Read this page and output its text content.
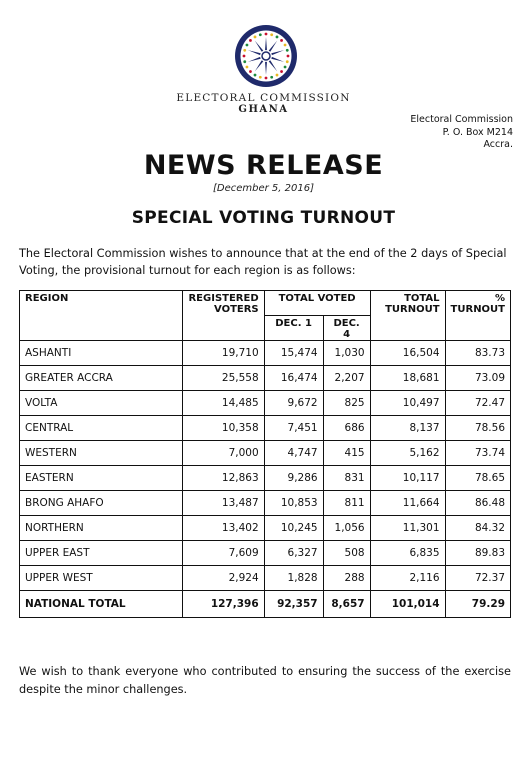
ELECTORAL COMMISSION
GHANA
Electoral Commission
P. O. Box M214
Accra.
NEWS RELEASE
[December 5, 2016]
SPECIAL VOTING TURNOUT
The Electoral Commission wishes to announce that at the end of the 2 days of Special Voting, the provisional turnout for each region is as follows:
REGION	REGISTERED VOTERS	TOTAL VOTED		TOTAL TURNOUT	% TURNOUT
		DEC. 1	DEC. 4		
ASHANTI	19,710	15,474	1,030	16,504	83.73
GREATER ACCRA	25,558	16,474	2,207	18,681	73.09
VOLTA	14,485	9,672	825	10,497	72.47
CENTRAL	10,358	7,451	686	8,137	78.56
WESTERN	7,000	4,747	415	5,162	73.74
EASTERN	12,863	9,286	831	10,117	78.65
BRONG AHAFO	13,487	10,853	811	11,664	86.48
NORTHERN	13,402	10,245	1,056	11,301	84.32
UPPER EAST	7,609	6,327	508	6,835	89.83
UPPER WEST	2,924	1,828	288	2,116	72.37
NATIONAL TOTAL	127,396	92,357	8,657	101,014	79.29
We wish to thank everyone who contributed to ensuring the success of the exercise despite the minor challenges.
